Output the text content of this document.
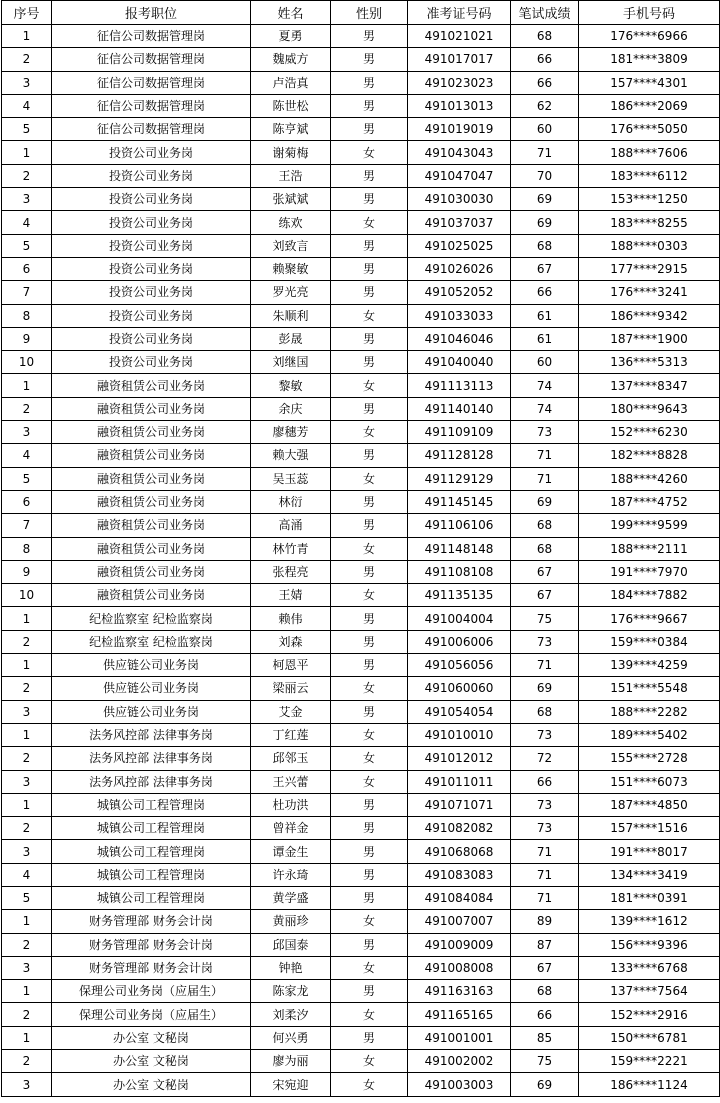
序号	报考职位	姓名	性别	准考证号码	笔试成绩	手机号码
1	征信公司数据管理岗	夏勇	男	491021021	68	176****6966
2	征信公司数据管理岗	魏威方	男	491017017	66	181****3809
3	征信公司数据管理岗	卢浩真	男	491023023	66	157****4301
4	征信公司数据管理岗	陈世松	男	491013013	62	186****2069
5	征信公司数据管理岗	陈亨斌	男	491019019	60	176****5050
1	投资公司业务岗	谢菊梅	女	491043043	71	188****7606
2	投资公司业务岗	王浩	男	491047047	70	183****6112
3	投资公司业务岗	张斌斌	男	491030030	69	153****1250
4	投资公司业务岗	练欢	女	491037037	69	183****8255
5	投资公司业务岗	刘致言	男	491025025	68	188****0303
6	投资公司业务岗	赖聚敏	男	491026026	67	177****2915
7	投资公司业务岗	罗光亮	男	491052052	66	176****3241
8	投资公司业务岗	朱顺利	女	491033033	61	186****9342
9	投资公司业务岗	彭晟	男	491046046	61	187****1900
10	投资公司业务岗	刘继国	男	491040040	60	136****5313
1	融资租赁公司业务岗	黎敏	女	491113113	74	137****8347
2	融资租赁公司业务岗	余庆	男	491140140	74	180****9643
3	融资租赁公司业务岗	廖穗芳	女	491109109	73	152****6230
4	融资租赁公司业务岗	赖大强	男	491128128	71	182****8828
5	融资租赁公司业务岗	吴玉蕊	女	491129129	71	188****4260
6	融资租赁公司业务岗	林衍	男	491145145	69	187****4752
7	融资租赁公司业务岗	高涌	男	491106106	68	199****9599
8	融资租赁公司业务岗	林竹青	女	491148148	68	188****2111
9	融资租赁公司业务岗	张程亮	男	491108108	67	191****7970
10	融资租赁公司业务岗	王婧	女	491135135	67	184****7882
1	纪检监察室 纪检监察岗	赖伟	男	491004004	75	176****9667
2	纪检监察室 纪检监察岗	刘森	男	491006006	73	159****0384
1	供应链公司业务岗	柯恩平	男	491056056	71	139****4259
2	供应链公司业务岗	梁丽云	女	491060060	69	151****5548
3	供应链公司业务岗	艾金	男	491054054	68	188****2282
1	法务风控部 法律事务岗	丁红莲	女	491010010	73	189****5402
2	法务风控部 法律事务岗	邱邻玉	女	491012012	72	155****2728
3	法务风控部 法律事务岗	王兴蕾	女	491011011	66	151****6073
1	城镇公司工程管理岗	杜功洪	男	491071071	73	187****4850
2	城镇公司工程管理岗	曾祥金	男	491082082	73	157****1516
3	城镇公司工程管理岗	谭金生	男	491068068	71	191****8017
4	城镇公司工程管理岗	许永琦	男	491083083	71	134****3419
5	城镇公司工程管理岗	黄学盛	男	491084084	71	181****0391
1	财务管理部 财务会计岗	黄丽珍	女	491007007	89	139****1612
2	财务管理部 财务会计岗	邱国泰	男	491009009	87	156****9396
3	财务管理部 财务会计岗	钟艳	女	491008008	67	133****6768
1	保理公司业务岗（应届生）	陈家龙	男	491163163	68	137****7564
2	保理公司业务岗（应届生）	刘柔汐	女	491165165	66	152****2916
1	办公室 文秘岗	何兴勇	男	491001001	85	150****6781
2	办公室 文秘岗	廖为丽	女	491002002	75	159****2221
3	办公室 文秘岗	宋宛迎	女	491003003	69	186****1124
